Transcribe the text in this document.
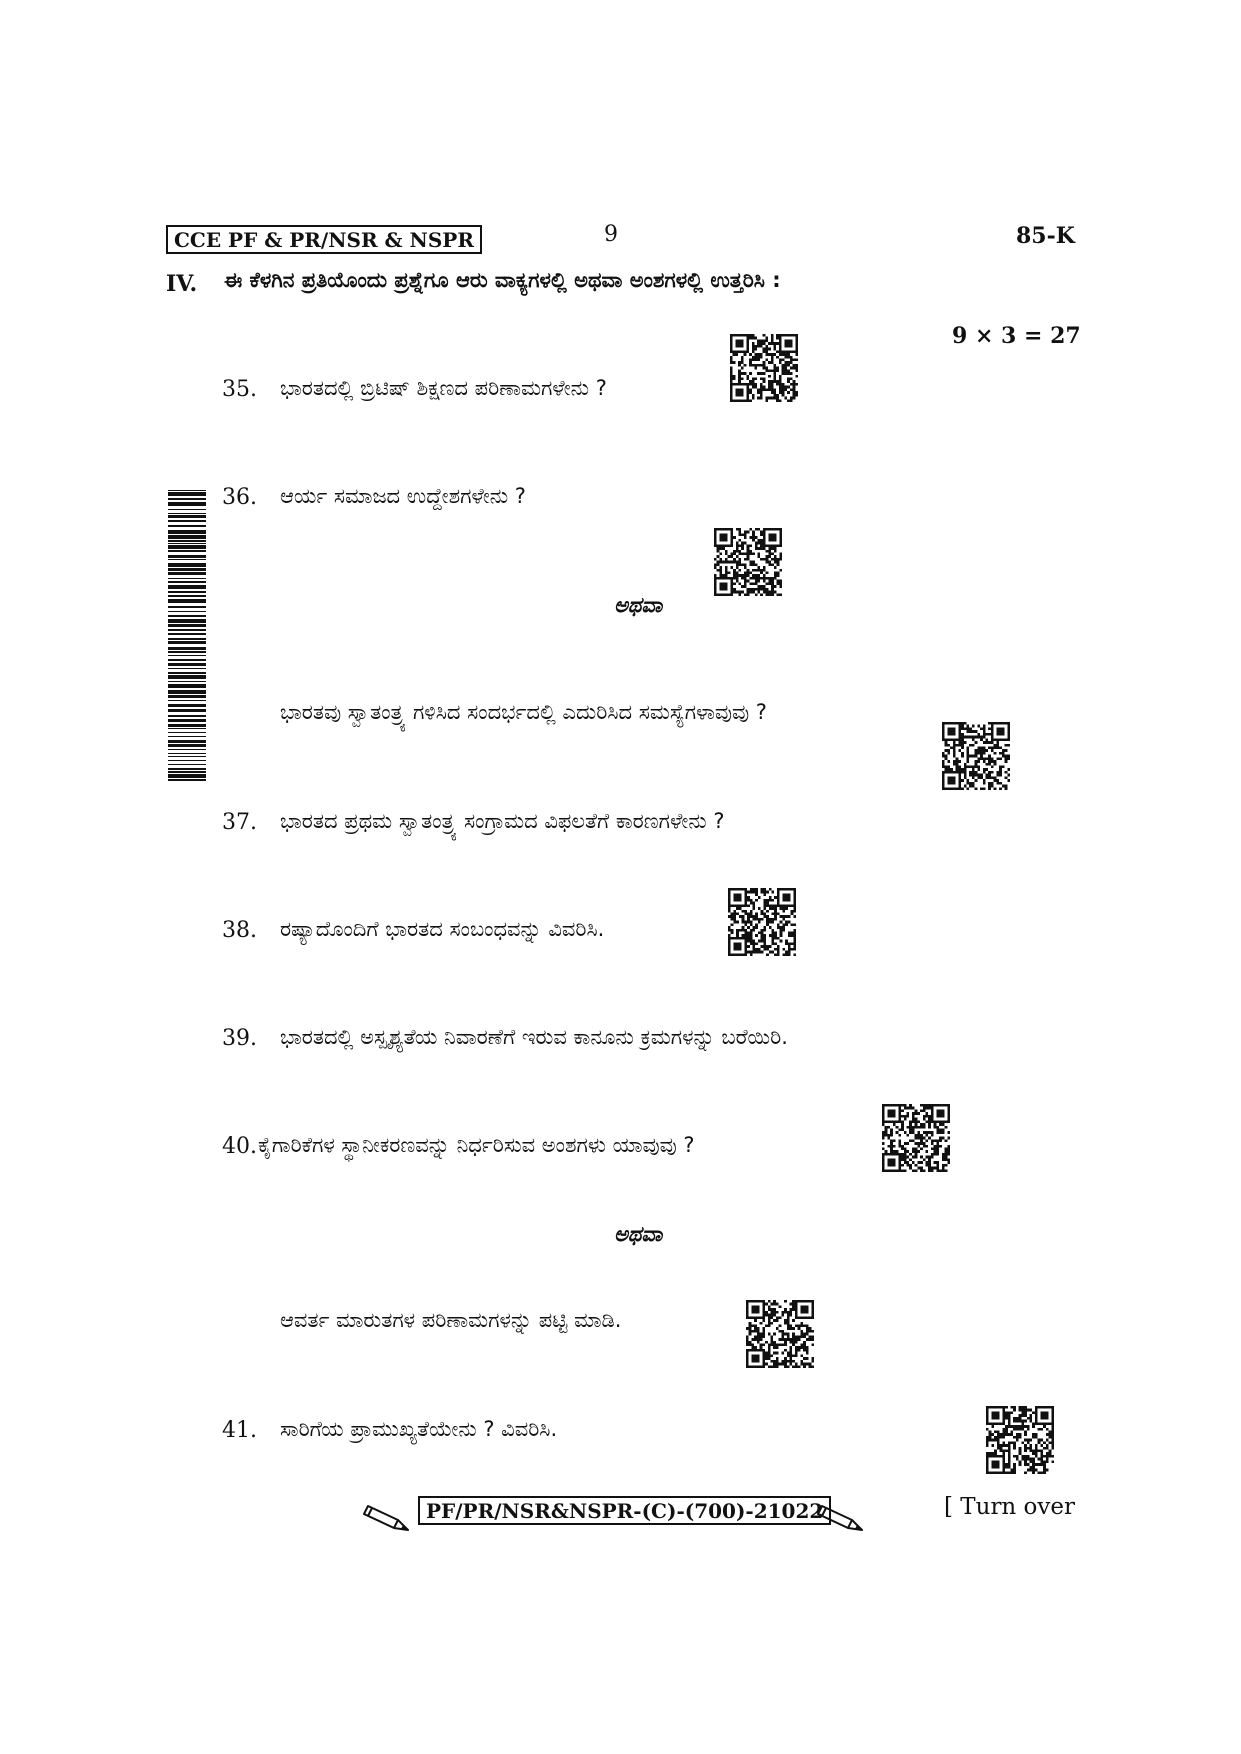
CCE PF & PR/NSR & NSPR	9	85-K
IV. ಈ ಕೆಳಗಿನ ಪ್ರತಿಯೊಂದು ಪ್ರಶ್ನೆಗೂ ಆರು ವಾಕ್ಯಗಳಲ್ಲಿ ಅಥವಾ ಅಂಶಗಳಲ್ಲಿ ಉತ್ತರಿಸಿ :
9 × 3 = 27
35. ಭಾರತದಲ್ಲಿ ಬ್ರಿಟಿಷ್ ಶಿಕ್ಷಣದ ಪರಿಣಾಮಗಳೇನು ?
36. ಆರ್ಯ ಸಮಾಜದ ಉದ್ದೇಶಗಳೇನು ?
ಅಥವಾ
ಭಾರತವು ಸ್ವಾತಂತ್ರ್ಯ ಗಳಿಸಿದ ಸಂದರ್ಭದಲ್ಲಿ ಎದುರಿಸಿದ ಸಮಸ್ಯೆಗಳಾವುವು ?
37. ಭಾರತದ ಪ್ರಥಮ ಸ್ವಾತಂತ್ರ್ಯ ಸಂಗ್ರಾಮದ ವಿಫಲತೆಗೆ ಕಾರಣಗಳೇನು ?
38. ರಷ್ಯಾದೊಂದಿಗೆ ಭಾರತದ ಸಂಬಂಧವನ್ನು ವಿವರಿಸಿ.
39. ಭಾರತದಲ್ಲಿ ಅಸ್ಪೃಶ್ಯತೆಯ ನಿವಾರಣೆಗೆ ಇರುವ ಕಾನೂನು ಕ್ರಮಗಳನ್ನು ಬರೆಯಿರಿ.
40. ಕೈಗಾರಿಕೆಗಳ ಸ್ಥಾನೀಕರಣವನ್ನು ನಿರ್ಧರಿಸುವ ಅಂಶಗಳು ಯಾವುವು ?
ಅಥವಾ
ಆವರ್ತ ಮಾರುತಗಳ ಪರಿಣಾಮಗಳನ್ನು ಪಟ್ಟಿ ಮಾಡಿ.
41. ಸಾರಿಗೆಯ ಪ್ರಾಮುಖ್ಯತೆಯೇನು ? ವಿವರಿಸಿ.
PF/PR/NSR&NSPR-(C)-(700)-21022	[ Turn over
